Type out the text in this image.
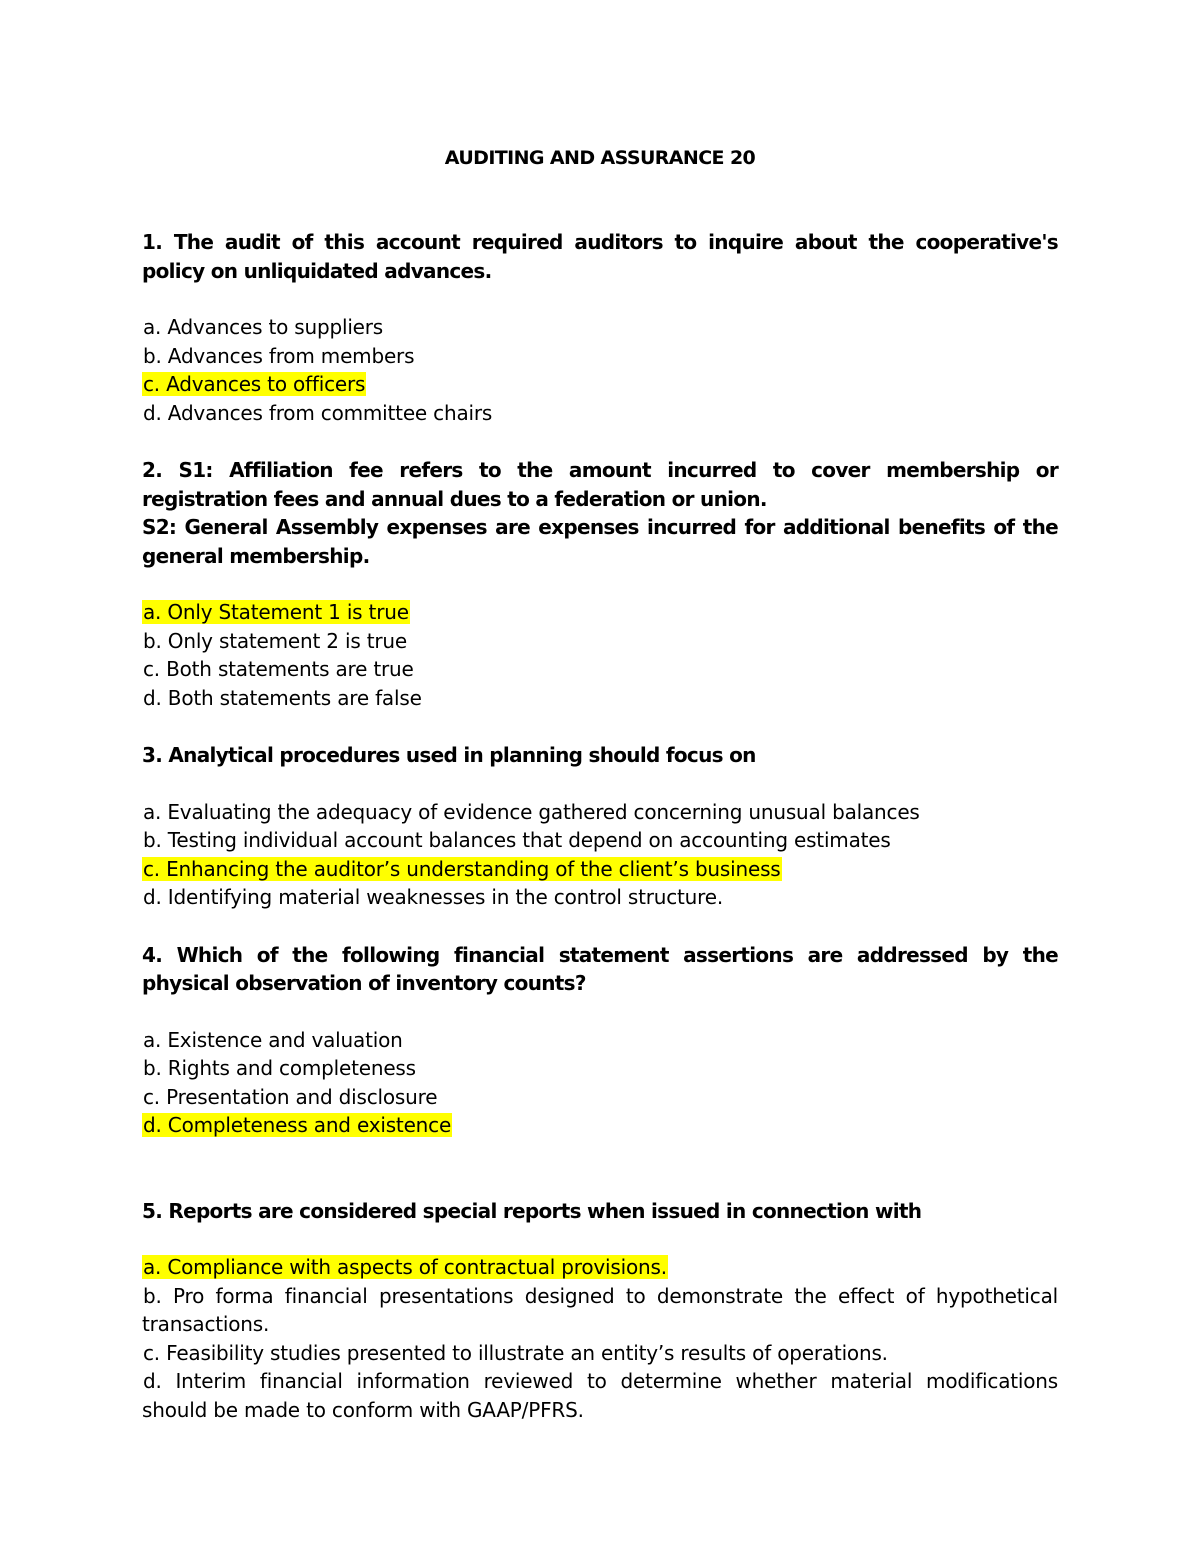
AUDITING AND ASSURANCE 20

1. The audit of this account required auditors to inquire about the cooperative's policy on unliquidated advances.

a. Advances to suppliers
b. Advances from members
c. Advances to officers
d. Advances from committee chairs

2. S1: Affiliation fee refers to the amount incurred to cover membership or registration fees and annual dues to a federation or union.

S2: General Assembly expenses are expenses incurred for additional benefits of the general membership.

a. Only Statement 1 is true
b. Only statement 2 is true
c. Both statements are true
d. Both statements are false

3. Analytical procedures used in planning should focus on

a. Evaluating the adequacy of evidence gathered concerning unusual balances
b. Testing individual account balances that depend on accounting estimates
c. Enhancing the auditor’s understanding of the client’s business
d. Identifying material weaknesses in the control structure.

4. Which of the following financial statement assertions are addressed by the physical observation of inventory counts?

a. Existence and valuation
b. Rights and completeness
c. Presentation and disclosure
d. Completeness and existence

5. Reports are considered special reports when issued in connection with

a. Compliance with aspects of contractual provisions.
b. Pro forma financial presentations designed to demonstrate the effect of hypothetical transactions.
c. Feasibility studies presented to illustrate an entity’s results of operations.
d. Interim financial information reviewed to determine whether material modifications should be made to conform with GAAP/PFRS.
